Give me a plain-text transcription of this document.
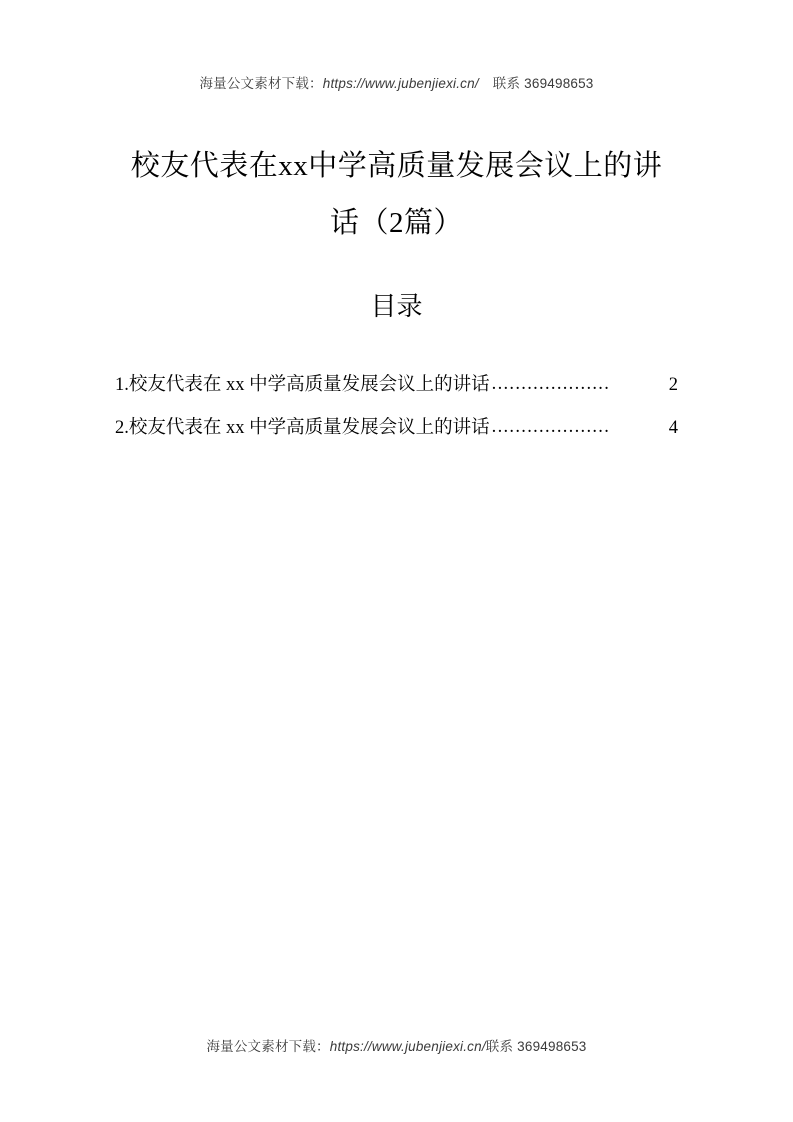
海量公文素材下载：https://www.jubenjiexi.cn/ 联系 369498653
校友代表在xx中学高质量发展会议上的讲
话（2篇）
目录
1.校友代表在 xx 中学高质量发展会议上的讲话 ....................	2
2.校友代表在 xx 中学高质量发展会议上的讲话 ....................	4
海量公文素材下载：https://www.jubenjiexi.cn/联系 369498653
